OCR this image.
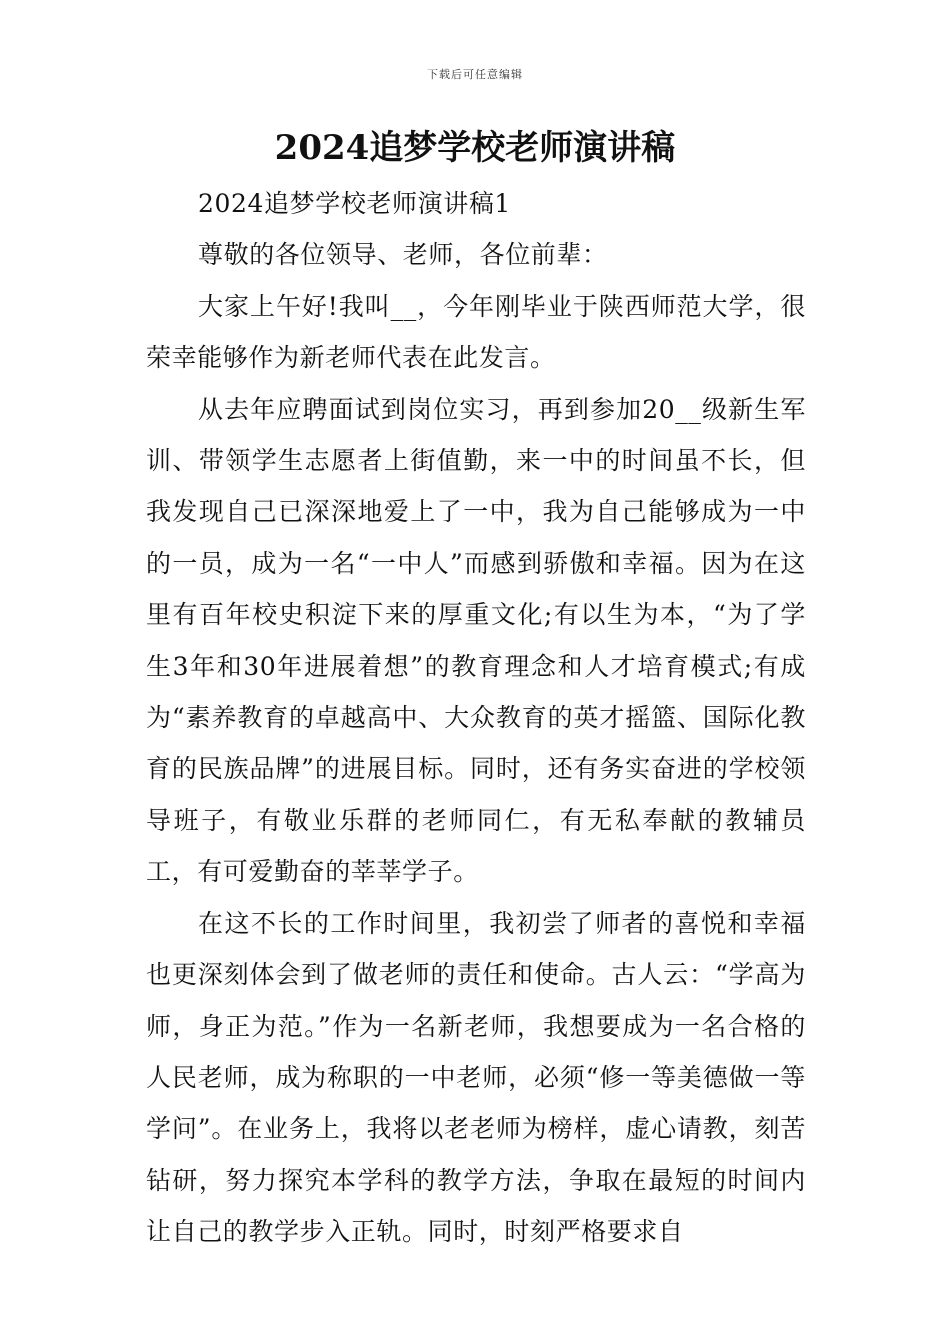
下载后可任意编辑
2024追梦学校老师演讲稿

2024追梦学校老师演讲稿1

尊敬的各位领导、老师，各位前辈：

大家上午好!我叫__，今年刚毕业于陕西师范大学，很荣幸能够作为新老师代表在此发言。

从去年应聘面试到岗位实习，再到参加20__级新生军训、带领学生志愿者上街值勤，来一中的时间虽不长，但我发现自己已深深地爱上了一中，我为自己能够成为一中的一员，成为一名“一中人”而感到骄傲和幸福。因为在这里有百年校史积淀下来的厚重文化;有以生为本，“为了学生3年和30年进展着想”的教育理念和人才培育模式;有成为“素养教育的卓越高中、大众教育的英才摇篮、国际化教育的民族品牌”的进展目标。同时，还有务实奋进的学校领导班子，有敬业乐群的老师同仁，有无私奉献的教辅员工，有可爱勤奋的莘莘学子。

在这不长的工作时间里，我初尝了师者的喜悦和幸福也更深刻体会到了做老师的责任和使命。古人云：“学高为师，身正为范。”作为一名新老师，我想要成为一名合格的人民老师，成为称职的一中老师，必须“修一等美德做一等学问”。在业务上，我将以老老师为榜样，虚心请教，刻苦钻研，努力探究本学科的教学方法，争取在最短的时间内让自己的教学步入正轨。同时，时刻严格要求自
